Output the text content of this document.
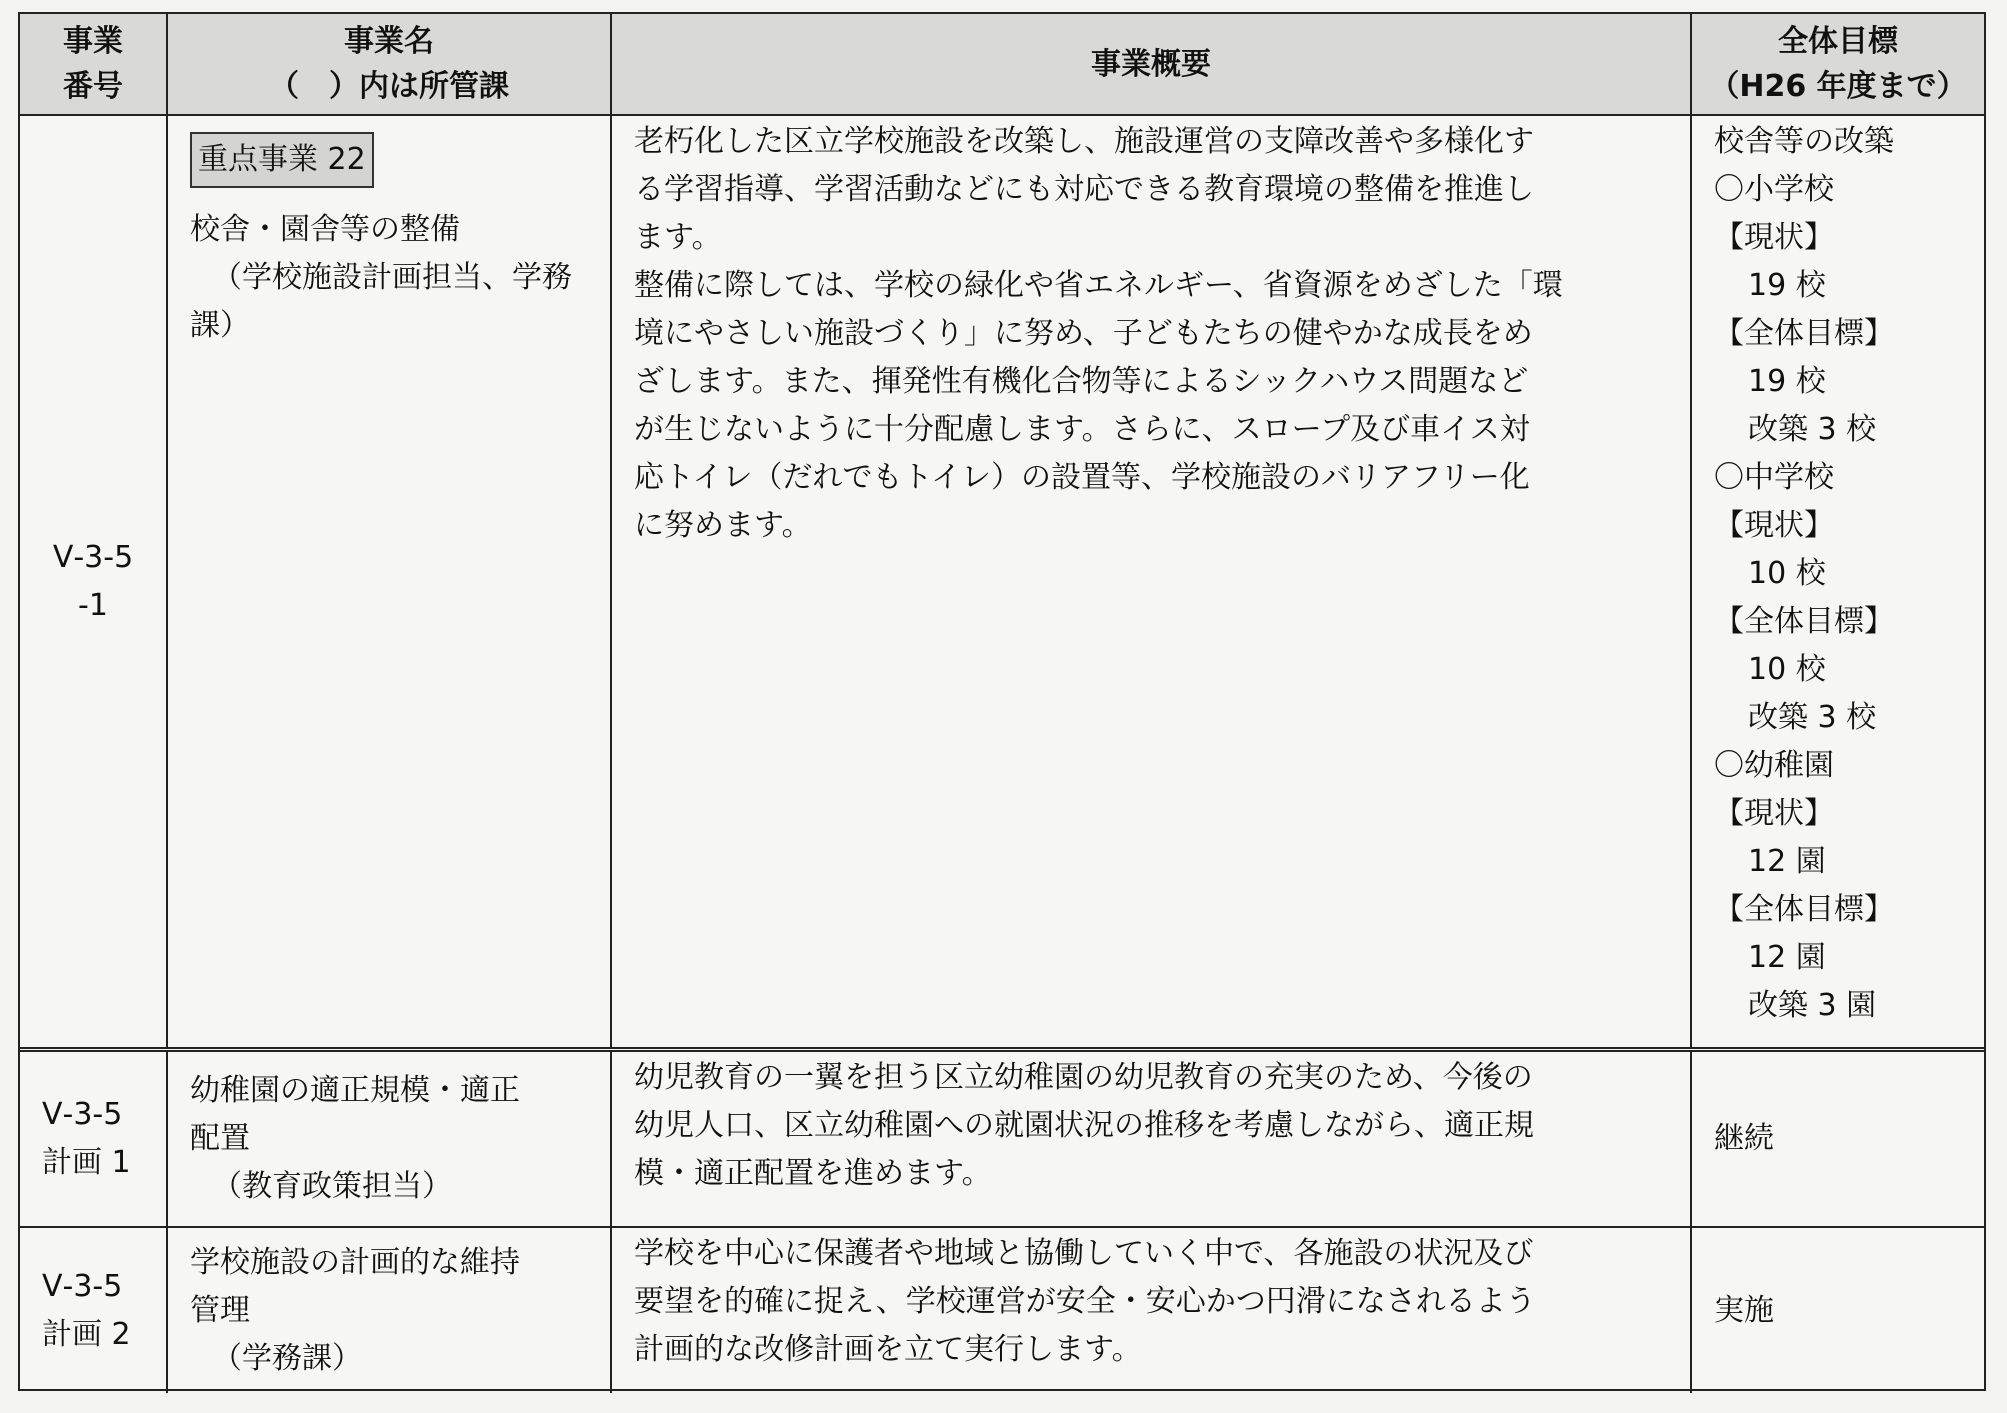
事業
番号
事業名
（　）内は所管課
事業概要
全体目標
（H26 年度まで）
Ⅴ-3-5
-1
重点事業 22
校舎・園舎等の整備
（学校施設計画担当、学務
課）
老朽化した区立学校施設を改築し、施設運営の支障改善や多様化す
る学習指導、学習活動などにも対応できる教育環境の整備を推進し
ます。
整備に際しては、学校の緑化や省エネルギー、省資源をめざした「環
境にやさしい施設づくり」に努め、子どもたちの健やかな成長をめ
ざします。また、揮発性有機化合物等によるシックハウス問題など
が生じないように十分配慮します。さらに、スロープ及び車イス対
応トイレ（だれでもトイレ）の設置等、学校施設のバリアフリー化
に努めます。
校舎等の改築
〇小学校
【現状】
19 校
【全体目標】
19 校
改築 3 校
〇中学校
【現状】
10 校
【全体目標】
10 校
改築 3 校
〇幼稚園
【現状】
12 園
【全体目標】
12 園
改築 3 園
Ⅴ-3-5
計画 1
幼稚園の適正規模・適正
配置
（教育政策担当）
幼児教育の一翼を担う区立幼稚園の幼児教育の充実のため、今後の
幼児人口、区立幼稚園への就園状況の推移を考慮しながら、適正規
模・適正配置を進めます。
継続
Ⅴ-3-5
計画 2
学校施設の計画的な維持
管理
（学務課）
学校を中心に保護者や地域と協働していく中で、各施設の状況及び
要望を的確に捉え、学校運営が安全・安心かつ円滑になされるよう
計画的な改修計画を立て実行します。
実施
